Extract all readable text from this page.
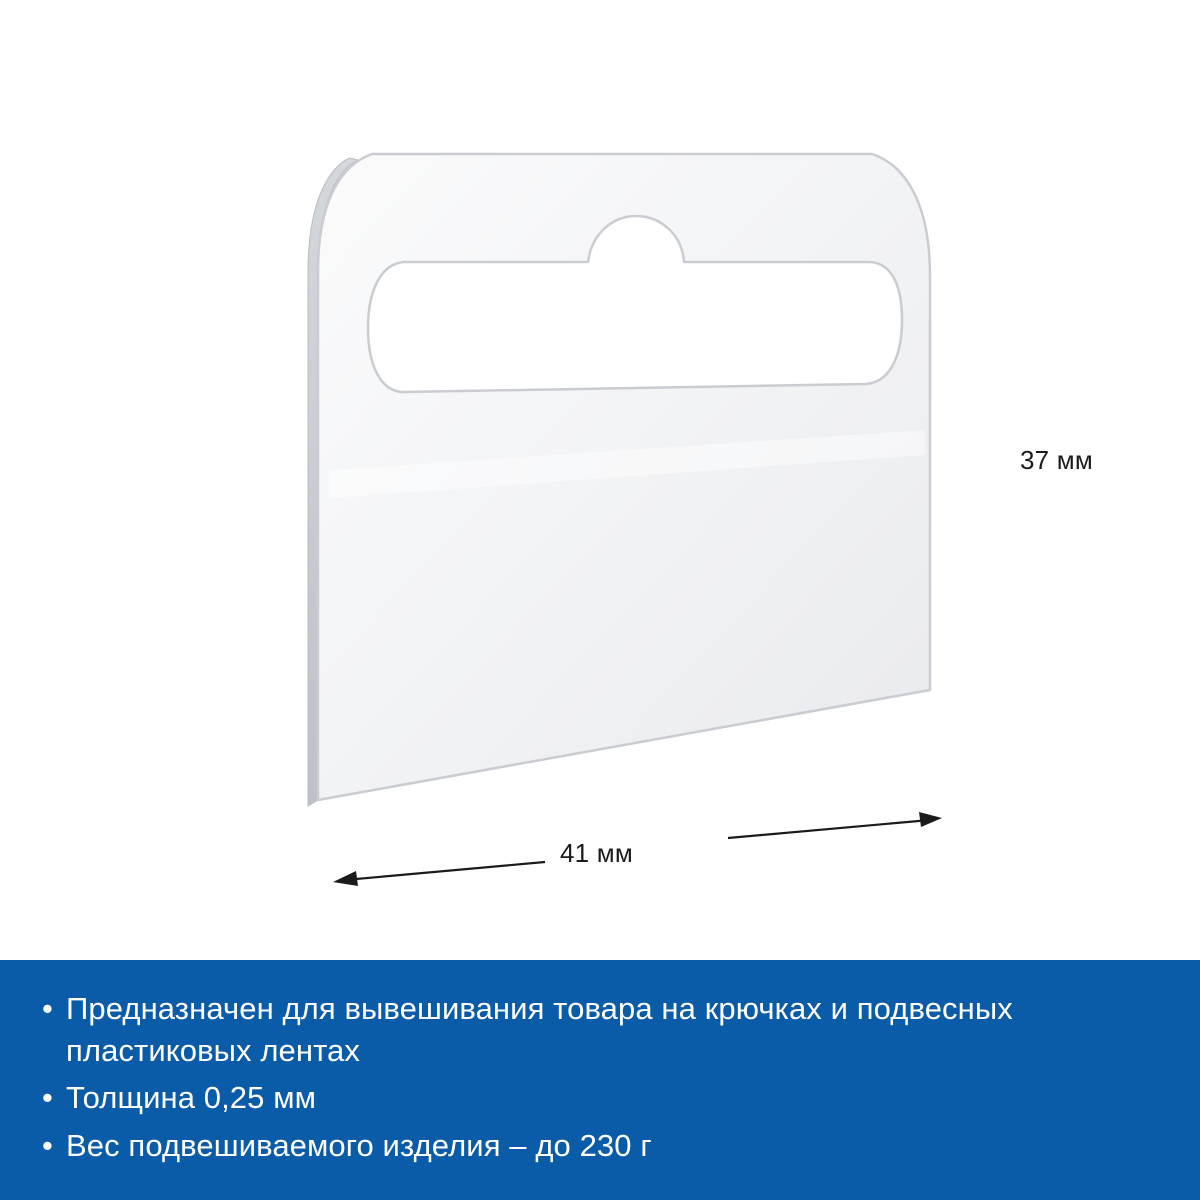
37 мм
41 мм
• Предназначен для вывешивания товара на крючках и подвесных пластиковых лентах
• Толщина 0,25 мм
• Вес подвешиваемого изделия – до 230 г
